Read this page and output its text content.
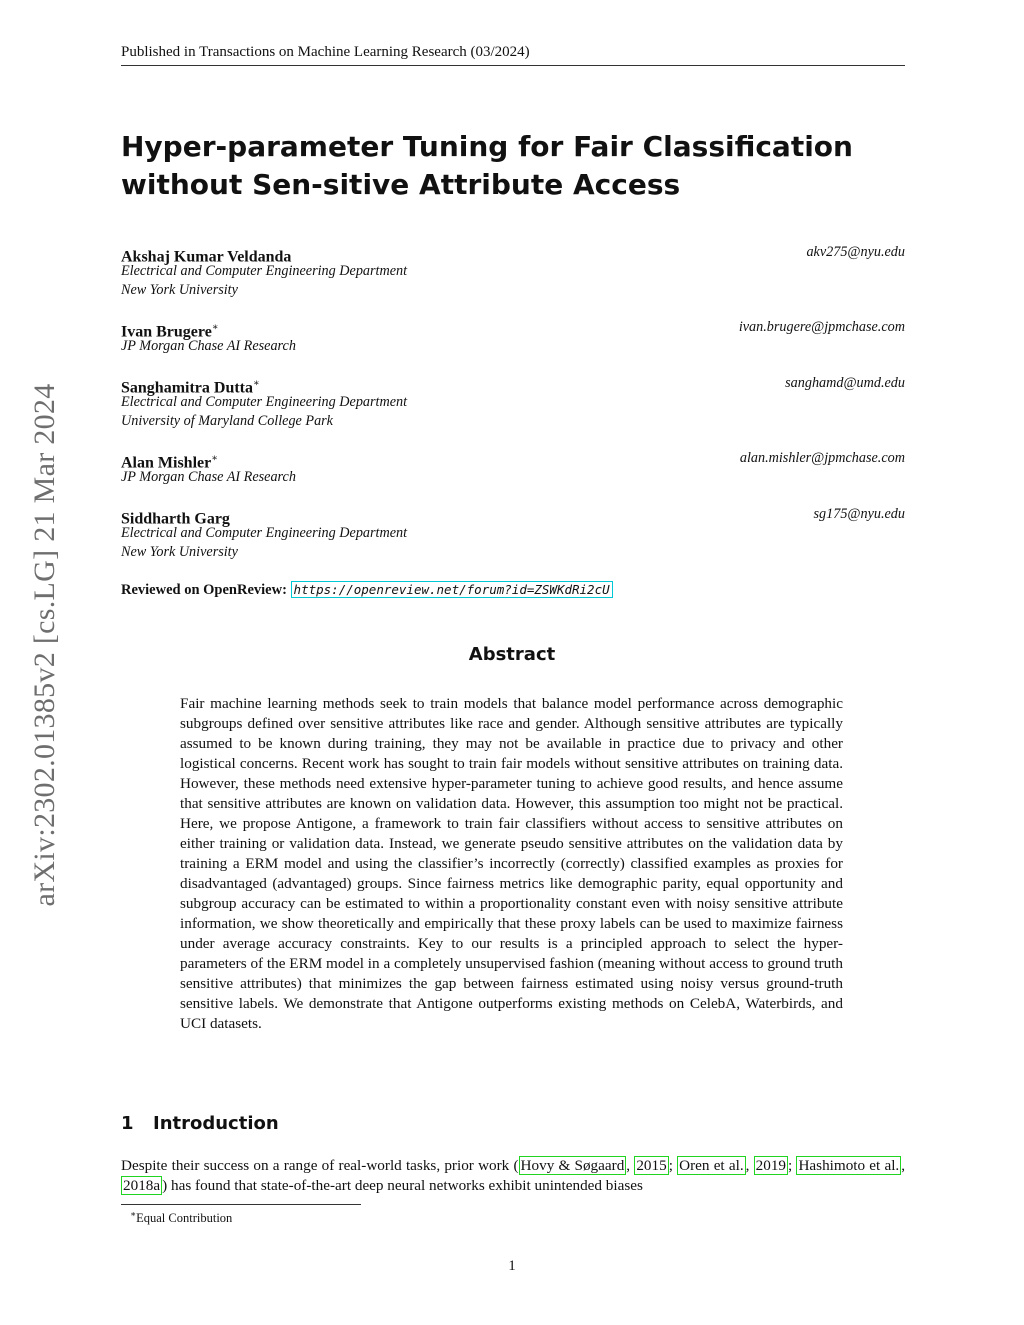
Published in Transactions on Machine Learning Research (03/2024)
arXiv:2302.01385v2 [cs.LG] 21 Mar 2024
Hyper-parameter Tuning for Fair Classification without Sen-sitive Attribute Access
Akshaj Kumar Veldanda
Electrical and Computer Engineering Department
New York University
akv275@nyu.edu
Ivan Brugere∗
JP Morgan Chase AI Research
ivan.brugere@jpmchase.com
Sanghamitra Dutta∗
Electrical and Computer Engineering Department
University of Maryland College Park
sanghamd@umd.edu
Alan Mishler∗
JP Morgan Chase AI Research
alan.mishler@jpmchase.com
Siddharth Garg
Electrical and Computer Engineering Department
New York University
sg175@nyu.edu
Reviewed on OpenReview: https://openreview.net/forum?id=ZSWKdRi2cU
Abstract

Fair machine learning methods seek to train models that balance model performance across demographic subgroups defined over sensitive attributes like race and gender. Although sensitive attributes are typically assumed to be known during training, they may not be available in practice due to privacy and other logistical concerns. Recent work has sought to train fair models without sensitive attributes on training data. However, these methods need extensive hyper-parameter tuning to achieve good results, and hence assume that sensitive attributes are known on validation data. However, this assumption too might not be practical. Here, we propose Antigone, a framework to train fair classifiers without access to sensitive attributes on either training or validation data. Instead, we generate pseudo sensitive attributes on the validation data by training a ERM model and using the classifier’s incorrectly (correctly) classified examples as proxies for disadvantaged (advantaged) groups. Since fairness metrics like demographic parity, equal opportunity and subgroup accuracy can be estimated to within a proportionality constant even with noisy sensitive attribute information, we show theoretically and empirically that these proxy labels can be used to maximize fairness under average accuracy constraints. Key to our results is a principled approach to select the hyper-parameters of the ERM model in a completely unsupervised fashion (meaning without access to ground truth sensitive attributes) that minimizes the gap between fairness estimated using noisy versus ground-truth sensitive labels. We demonstrate that Antigone outperforms existing methods on CelebA, Waterbirds, and UCI datasets.

1 Introduction

Despite their success on a range of real-world tasks, prior work ( Hovy & Søgaard , 2015 ; Oren et al. , 2019 ; Hashimoto et al. , 2018a ) has found that state-of-the-art deep neural networks exhibit unintended biases

∗Equal Contribution
1
